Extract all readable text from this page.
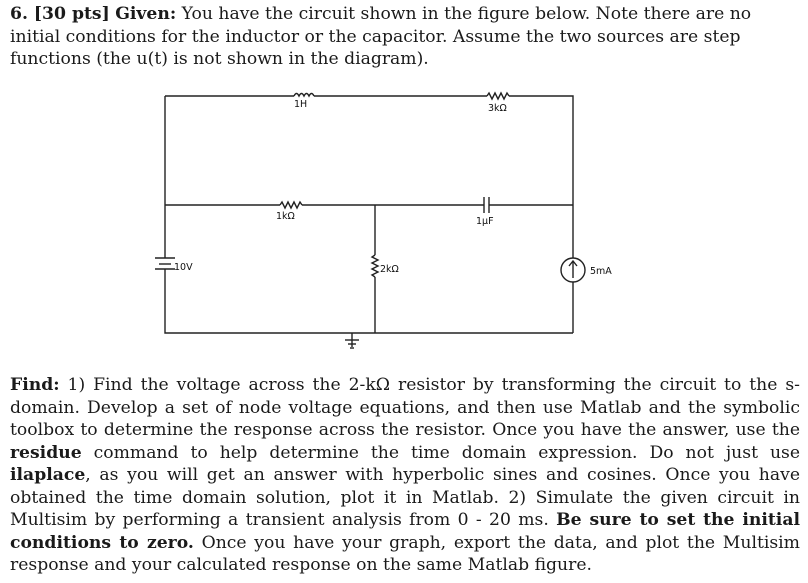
6. [30 pts] Given: You have the circuit shown in the figure below. Note there are no initial conditions for the inductor or the capacitor. Assume the two sources are step functions (the u(t) is not shown in the diagram).

1H	3kΩ
1kΩ	1µF
10V	2kΩ	5mA

Find: 1) Find the voltage across the 2-kΩ resistor by transforming the circuit to the s-domain. Develop a set of node voltage equations, and then use Matlab and the symbolic toolbox to determine the response across the resistor. Once you have the answer, use the residue command to help determine the time domain expression. Do not just use ilaplace, as you will get an answer with hyperbolic sines and cosines. Once you have obtained the time domain solution, plot it in Matlab. 2) Simulate the given circuit in Multisim by performing a transient analysis from 0 - 20 ms. Be sure to set the initial conditions to zero. Once you have your graph, export the data, and plot the Multisim response and your calculated response on the same Matlab figure.
